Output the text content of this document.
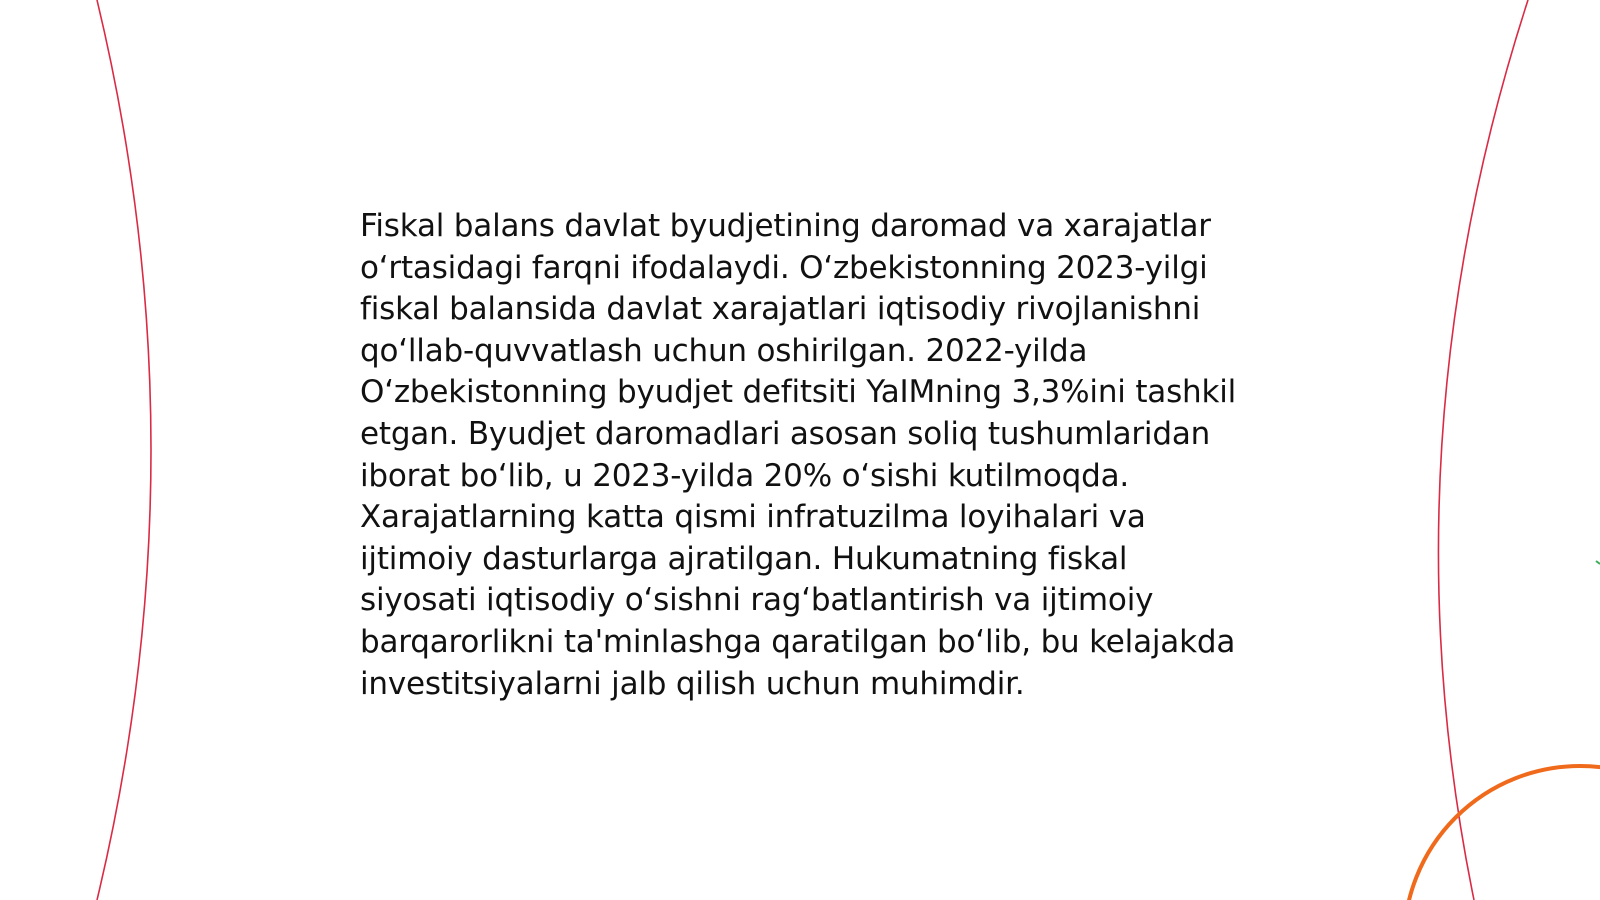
Fiskal balans davlat byudjetining daromad va xarajatlar oʻrtasidagi farqni ifodalaydi. Oʻzbekistonning 2023-yilgi fiskal balansida davlat xarajatlari iqtisodiy rivojlanishni qoʻllab-quvvatlash uchun oshirilgan. 2022-yilda Oʻzbekistonning byudjet defitsiti YaIMning 3,3%ini tashkil etgan. Byudjet daromadlari asosan soliq tushumlaridan iborat boʻlib, u 2023-yilda 20% oʻsishi kutilmoqda. Xarajatlarning katta qismi infratuzilma loyihalari va ijtimoiy dasturlarga ajratilgan. Hukumatning fiskal siyosati iqtisodiy oʻsishni ragʻbatlantirish va ijtimoiy barqarorlikni ta'minlashga qaratilgan boʻlib, bu kelajakda investitsiyalarni jalb qilish uchun muhimdir.
